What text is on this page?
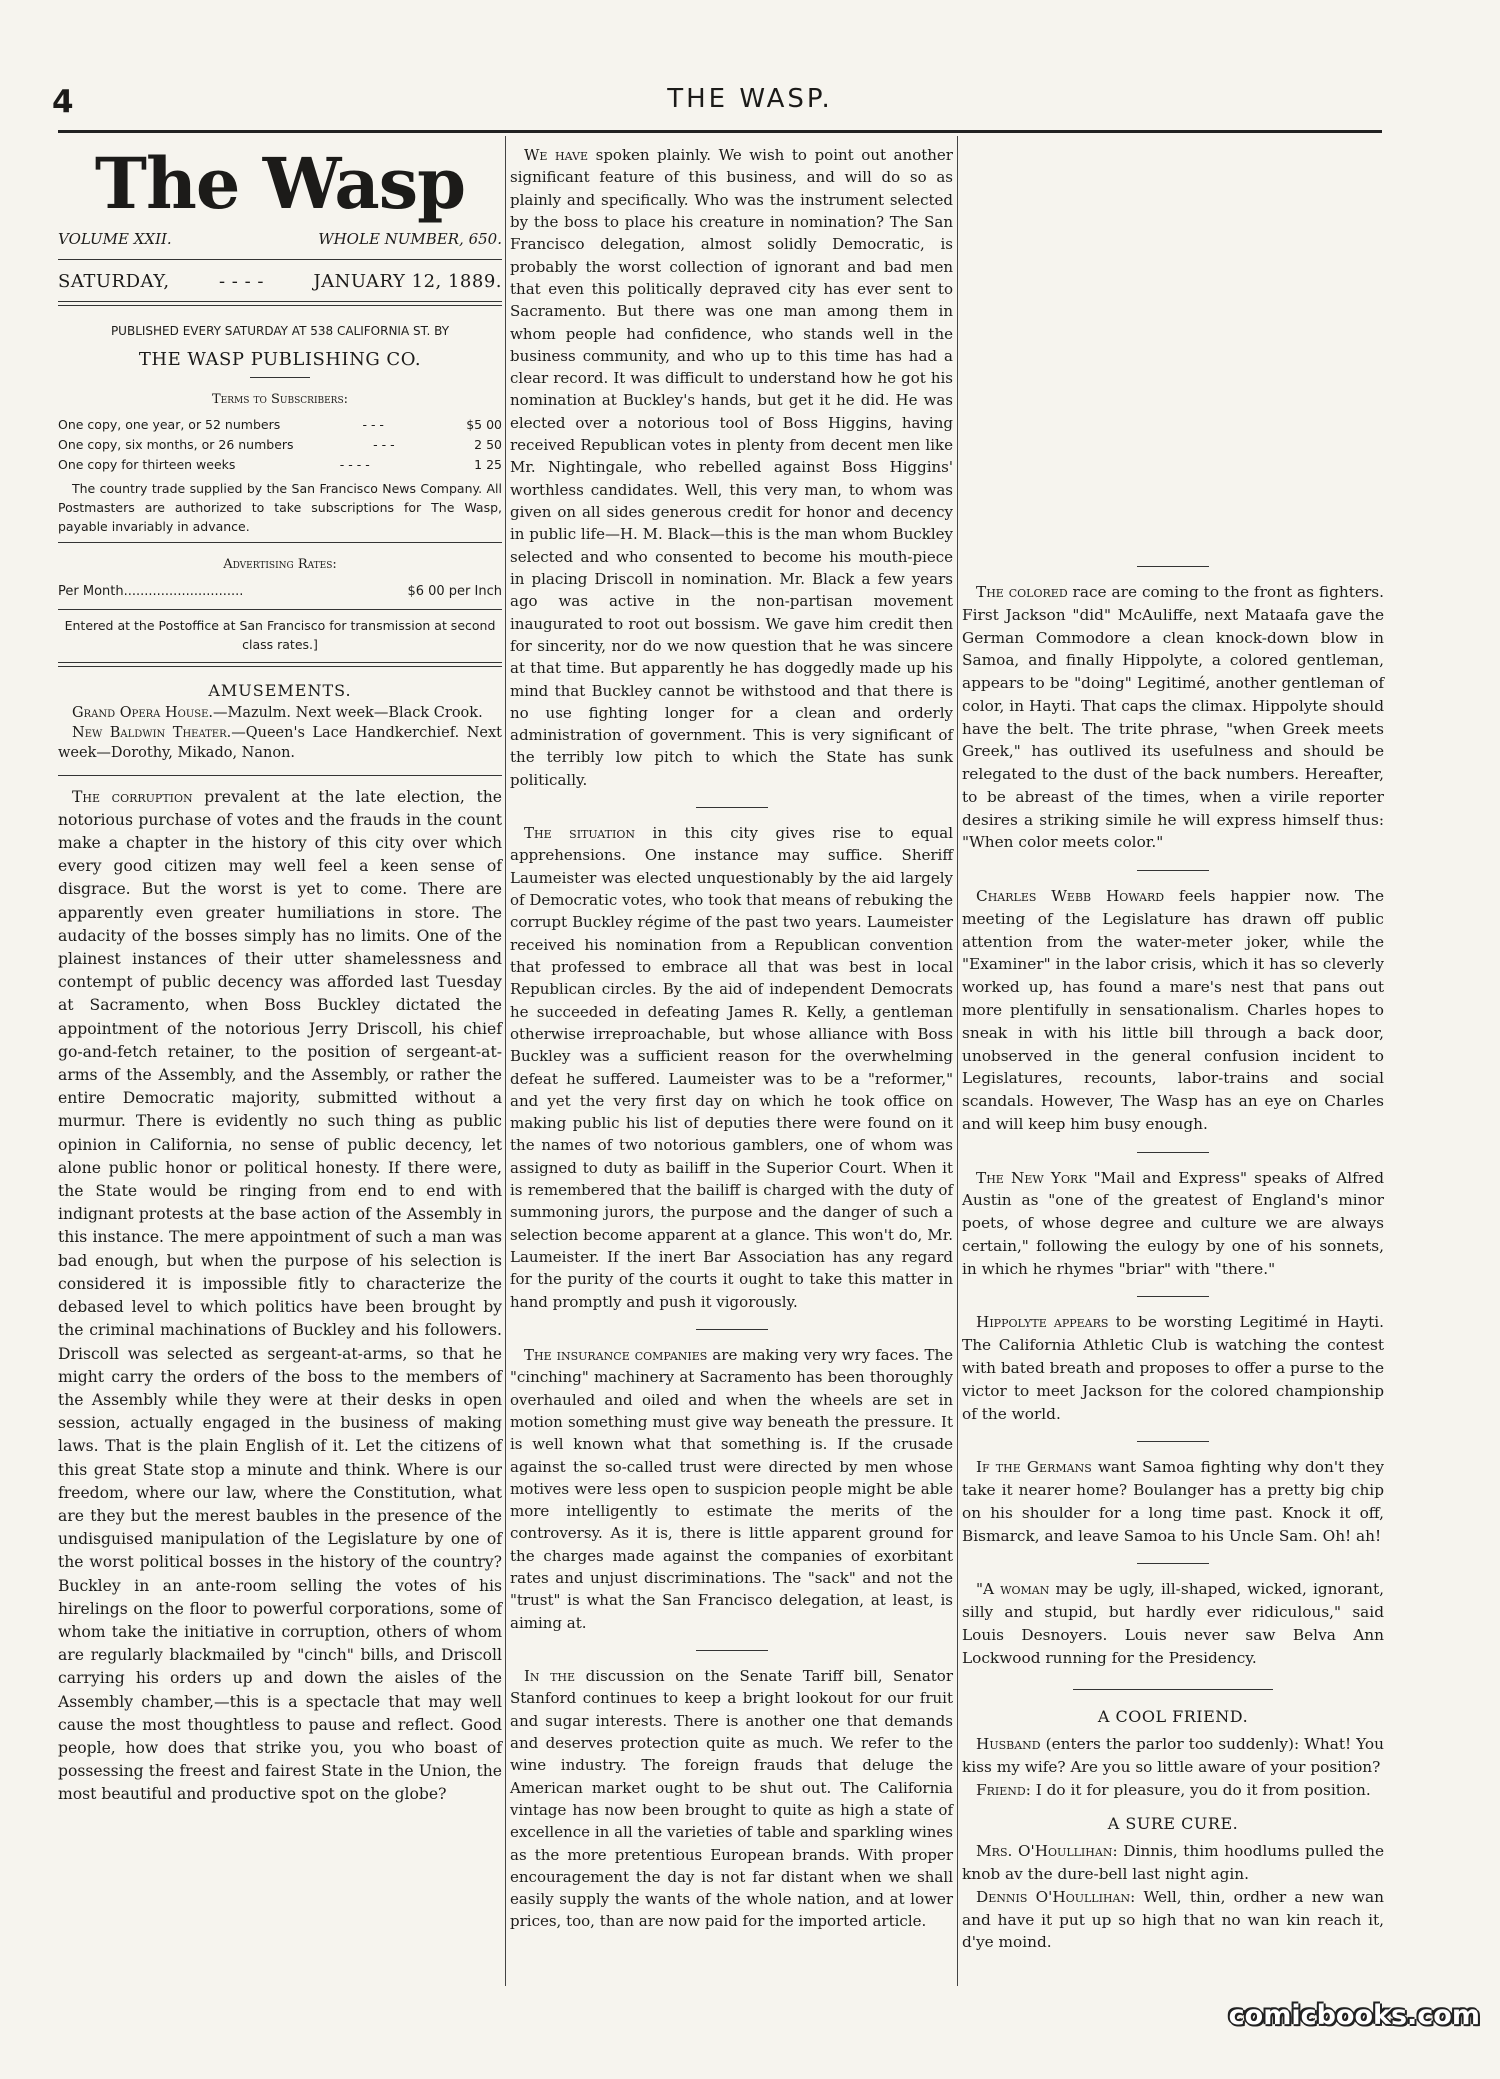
4	THE WASP.
The Wasp
VOLUME XXII.	WHOLE NUMBER, 650.
SATURDAY,	- - - -	JANUARY 12, 1889.
PUBLISHED EVERY SATURDAY AT 538 CALIFORNIA ST. BY
THE WASP PUBLISHING CO.
Terms to Subscribers:
One copy, one year, or 52 numbers	- - -	$5 00
One copy, six months, or 26 numbers	- - -	2 50
One copy for thirteen weeks	- - - -	1 25
The country trade supplied by the San Francisco News Company. All Postmasters are authorized to take subscriptions for The Wasp, payable invariably in advance.
Advertising Rates:
Per Month.............................	$6 00 per Inch
Entered at the Postoffice at San Francisco for transmission at second class rates.]
AMUSEMENTS.

Grand Opera House.—Mazulm. Next week—Black Crook.

New Baldwin Theater.—Queen's Lace Handkerchief. Next week—Dorothy, Mikado, Nanon.

The corruption prevalent at the late election, the notorious purchase of votes and the frauds in the count make a chapter in the history of this city over which every good citizen may well feel a keen sense of disgrace. But the worst is yet to come. There are apparently even greater humiliations in store. The audacity of the bosses simply has no limits. One of the plainest instances of their utter shamelessness and contempt of public decency was afforded last Tuesday at Sacramento, when Boss Buckley dictated the appointment of the notorious Jerry Driscoll, his chief go-and-fetch retainer, to the position of sergeant-at-arms of the Assembly, and the Assembly, or rather the entire Democratic majority, submitted without a murmur. There is evidently no such thing as public opinion in California, no sense of public decency, let alone public honor or political honesty. If there were, the State would be ringing from end to end with indignant protests at the base action of the Assembly in this instance. The mere appointment of such a man was bad enough, but when the purpose of his selection is considered it is impossible fitly to characterize the debased level to which politics have been brought by the criminal machinations of Buckley and his followers. Driscoll was selected as sergeant-at-arms, so that he might carry the orders of the boss to the members of the Assembly while they were at their desks in open session, actually engaged in the business of making laws. That is the plain English of it. Let the citizens of this great State stop a minute and think. Where is our freedom, where our law, where the Constitution, what are they but the merest baubles in the presence of the undisguised manipulation of the Legislature by one of the worst political bosses in the history of the country? Buckley in an ante-room selling the votes of his hirelings on the floor to powerful corporations, some of whom take the initiative in corruption, others of whom are regularly blackmailed by "cinch" bills, and Driscoll carrying his orders up and down the aisles of the Assembly chamber,—this is a spectacle that may well cause the most thoughtless to pause and reflect. Good people, how does that strike you, you who boast of possessing the freest and fairest State in the Union, the most beautiful and productive spot on the globe?

We have spoken plainly. We wish to point out another significant feature of this business, and will do so as plainly and specifically. Who was the instrument selected by the boss to place his creature in nomination? The San Francisco delegation, almost solidly Democratic, is probably the worst collection of ignorant and bad men that even this politically depraved city has ever sent to Sacramento. But there was one man among them in whom people had confidence, who stands well in the business community, and who up to this time has had a clear record. It was difficult to understand how he got his nomination at Buckley's hands, but get it he did. He was elected over a notorious tool of Boss Higgins, having received Republican votes in plenty from decent men like Mr. Nightingale, who rebelled against Boss Higgins' worthless candidates. Well, this very man, to whom was given on all sides generous credit for honor and decency in public life—H. M. Black—this is the man whom Buckley selected and who consented to become his mouth-piece in placing Driscoll in nomination. Mr. Black a few years ago was active in the non-partisan movement inaugurated to root out bossism. We gave him credit then for sincerity, nor do we now question that he was sincere at that time. But apparently he has doggedly made up his mind that Buckley cannot be withstood and that there is no use fighting longer for a clean and orderly administration of government. This is very significant of the terribly low pitch to which the State has sunk politically.

The situation in this city gives rise to equal apprehensions. One instance may suffice. Sheriff Laumeister was elected unquestionably by the aid largely of Democratic votes, who took that means of rebuking the corrupt Buckley régime of the past two years. Laumeister received his nomination from a Republican convention that professed to embrace all that was best in local Republican circles. By the aid of independent Democrats he succeeded in defeating James R. Kelly, a gentleman otherwise irreproachable, but whose alliance with Boss Buckley was a sufficient reason for the overwhelming defeat he suffered. Laumeister was to be a "reformer," and yet the very first day on which he took office on making public his list of deputies there were found on it the names of two notorious gamblers, one of whom was assigned to duty as bailiff in the Superior Court. When it is remembered that the bailiff is charged with the duty of summoning jurors, the purpose and the danger of such a selection become apparent at a glance. This won't do, Mr. Laumeister. If the inert Bar Association has any regard for the purity of the courts it ought to take this matter in hand promptly and push it vigorously.

The insurance companies are making very wry faces. The "cinching" machinery at Sacramento has been thoroughly overhauled and oiled and when the wheels are set in motion something must give way beneath the pressure. It is well known what that something is. If the crusade against the so-called trust were directed by men whose motives were less open to suspicion people might be able more intelligently to estimate the merits of the controversy. As it is, there is little apparent ground for the charges made against the companies of exorbitant rates and unjust discriminations. The "sack" and not the "trust" is what the San Francisco delegation, at least, is aiming at.

In the discussion on the Senate Tariff bill, Senator Stanford continues to keep a bright lookout for our fruit and sugar interests. There is another one that demands and deserves protection quite as much. We refer to the wine industry. The foreign frauds that deluge the American market ought to be shut out. The California vintage has now been brought to quite as high a state of excellence in all the varieties of table and sparkling wines as the more pretentious European brands. With proper encouragement the day is not far distant when we shall easily supply the wants of the whole nation, and at lower prices, too, than are now paid for the imported article.

The colored race are coming to the front as fighters. First Jackson "did" McAuliffe, next Mataafa gave the German Commodore a clean knock-down blow in Samoa, and finally Hippolyte, a colored gentleman, appears to be "doing" Legitimé, another gentleman of color, in Hayti. That caps the climax. Hippolyte should have the belt. The trite phrase, "when Greek meets Greek," has outlived its usefulness and should be relegated to the dust of the back numbers. Hereafter, to be abreast of the times, when a virile reporter desires a striking simile he will express himself thus: "When color meets color."

Charles Webb Howard feels happier now. The meeting of the Legislature has drawn off public attention from the water-meter joker, while the "Examiner" in the labor crisis, which it has so cleverly worked up, has found a mare's nest that pans out more plentifully in sensationalism. Charles hopes to sneak in with his little bill through a back door, unobserved in the general confusion incident to Legislatures, recounts, labor-trains and social scandals. However, The Wasp has an eye on Charles and will keep him busy enough.

The New York "Mail and Express" speaks of Alfred Austin as "one of the greatest of England's minor poets, of whose degree and culture we are always certain," following the eulogy by one of his sonnets, in which he rhymes "briar" with "there."

Hippolyte appears to be worsting Legitimé in Hayti. The California Athletic Club is watching the contest with bated breath and proposes to offer a purse to the victor to meet Jackson for the colored championship of the world.

If the Germans want Samoa fighting why don't they take it nearer home? Boulanger has a pretty big chip on his shoulder for a long time past. Knock it off, Bismarck, and leave Samoa to his Uncle Sam. Oh! ah!

"A woman may be ugly, ill-shaped, wicked, ignorant, silly and stupid, but hardly ever ridiculous," said Louis Desnoyers. Louis never saw Belva Ann Lockwood running for the Presidency.

A COOL FRIEND.

Husband (enters the parlor too suddenly): What! You kiss my wife? Are you so little aware of your position?

Friend: I do it for pleasure, you do it from position.

A SURE CURE.

Mrs. O'Houllihan: Dinnis, thim hoodlums pulled the knob av the dure-bell last night agin.

Dennis O'Houllihan: Well, thin, ordher a new wan and have it put up so high that no wan kin reach it, d'ye moind.

comicbooks.com
